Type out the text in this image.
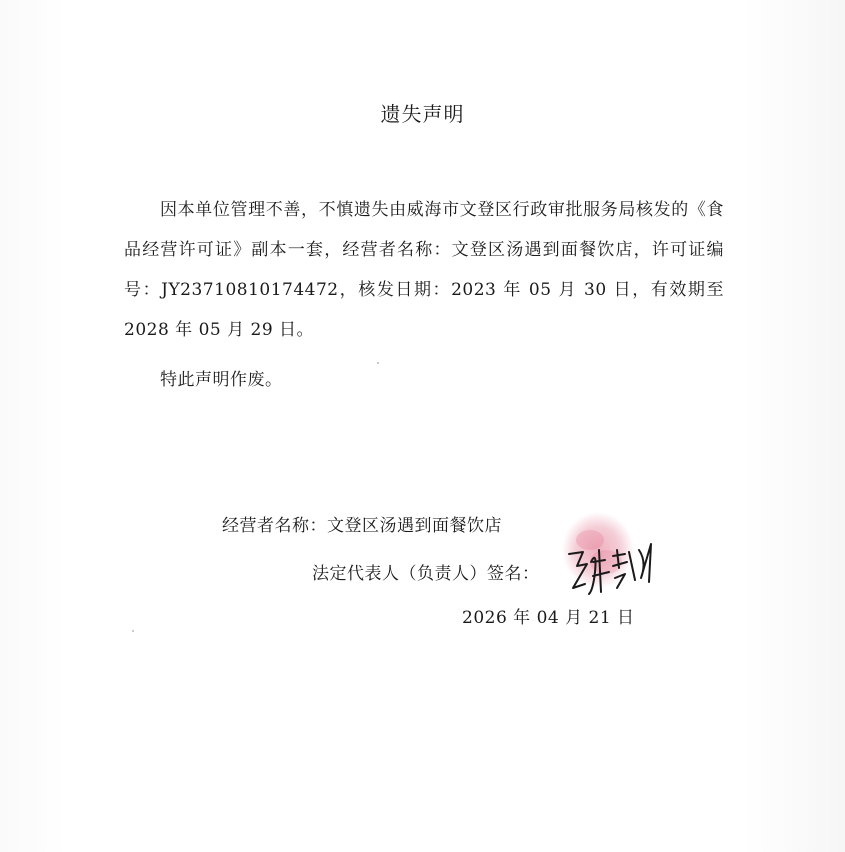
遗失声明

因本单位管理不善，不慎遗失由威海市文登区行政审批服务局核发的《食品经营许可证》副本一套，经营者名称：文登区汤遇到面餐饮店，许可证编号：JY23710810174472，核发日期：2023 年 05 月 30 日，有效期至 2028 年 05 月 29 日。

特此声明作废。
经营者名称：文登区汤遇到面餐饮店
法定代表人（负责人）签名：
2026 年 04 月 21 日
